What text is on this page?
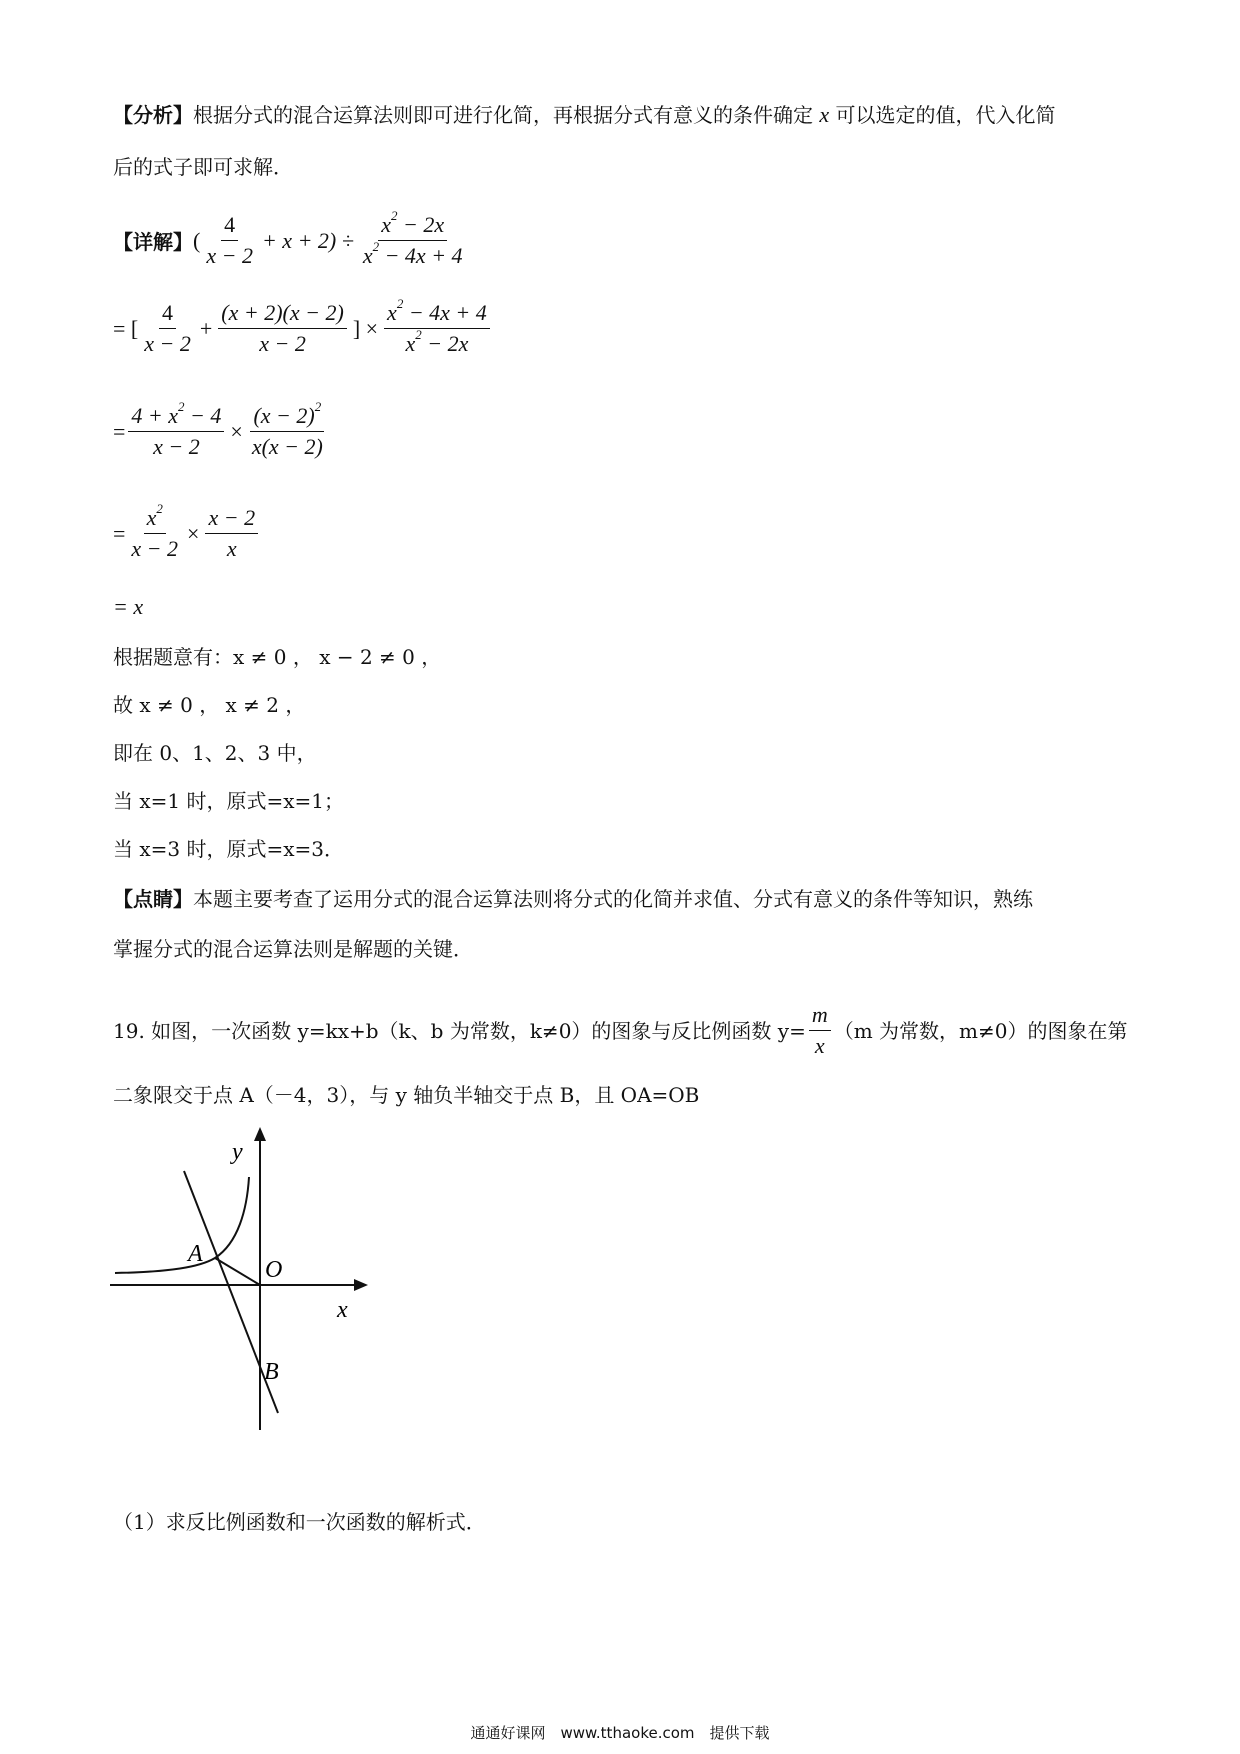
【分析】根据分式的混合运算法则即可进行化简，再根据分式有意义的条件确定 x 可以选定的值，代入化简
后的式子即可求解．
【详解】 ( $\frac{4}{x - 2} + x + 2) \div \frac{x^2 - 2x}{x^2 - 4x + 4}$
= [ $\frac{4}{x - 2} + \frac{(x + 2)(x - 2)}{x - 2}$ ] × $\frac{x^2 - 4x + 4}{x^2 - 2x}$
= $\frac{4 + x^2 - 4}{x - 2} \times \frac{(x - 2)^2}{x(x - 2)}$
= $\frac{x^2}{x - 2} \times \frac{x - 2}{x}$
= x
根据题意有：x ≠ 0 ， x − 2 ≠ 0 ，
故 x ≠ 0 ， x ≠ 2 ，
即在 0、1、2、3 中，
当 x=1 时，原式=x=1；
当 x=3 时，原式=x=3．
【点睛】本题主要考查了运用分式的混合运算法则将分式的化简并求值、分式有意义的条件等知识，熟练
掌握分式的混合运算法则是解题的关键．
19. 如图，一次函数 y=kx+b（k、b 为常数，k≠0）的图象与反比例函数 $y= \frac{m}{x} (m$ 为常数，m≠0）的图象在第
二象限交于点 A（－4，3），与 y 轴负半轴交于点 B，且 OA=OB
y
x
O
A
B
（1）求反比例函数和一次函数的解析式．
通通好课网　www.tthaoke.com　提供下载
